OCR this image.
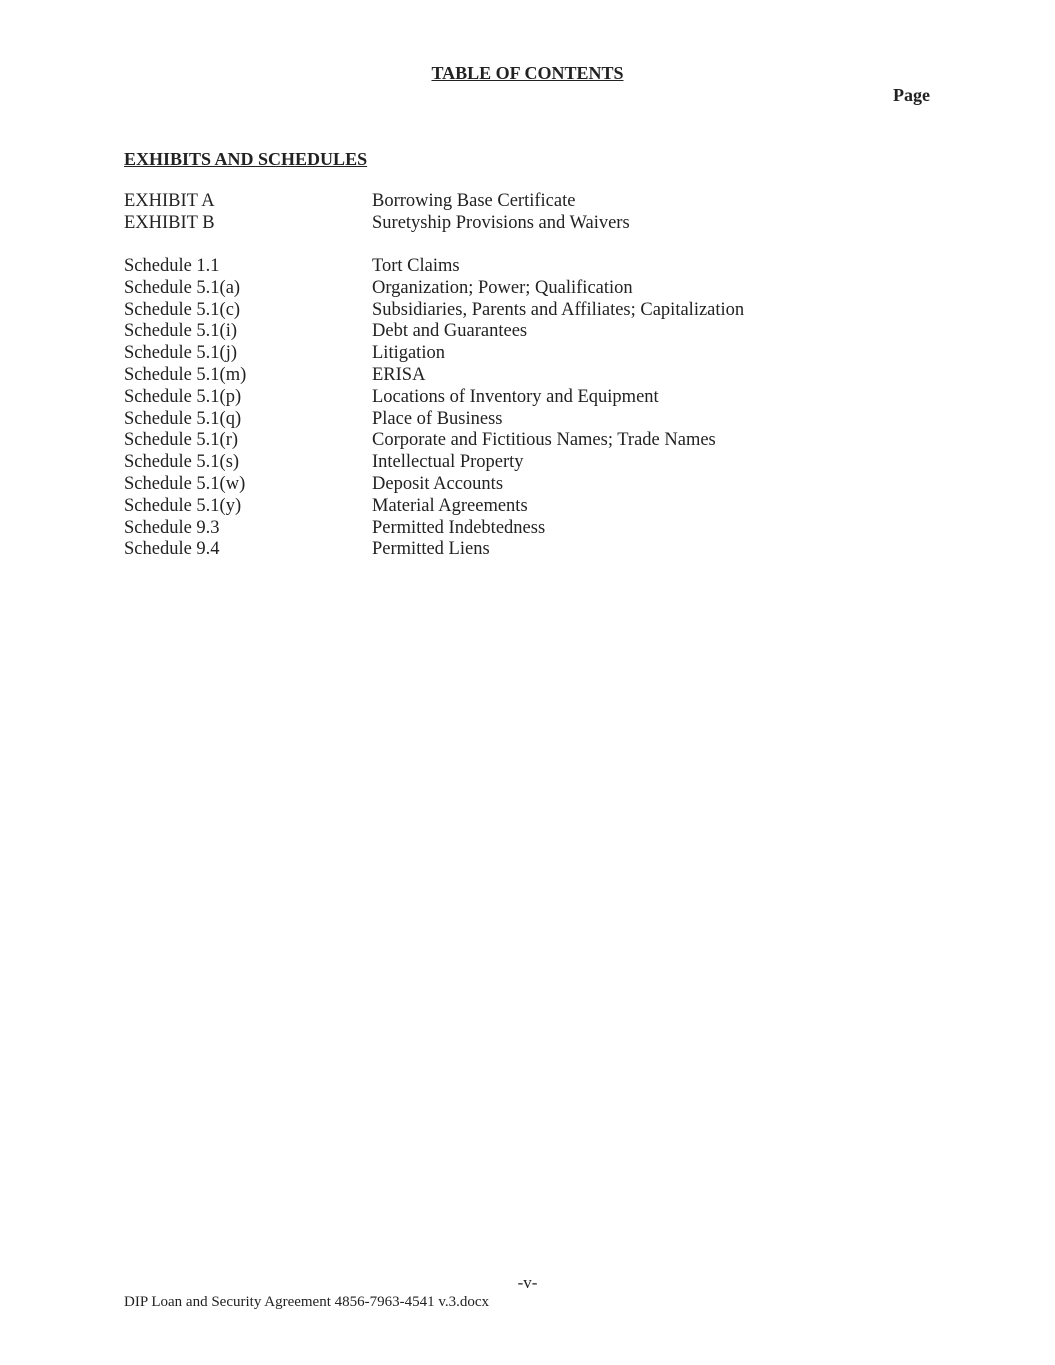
TABLE OF CONTENTS
Page
EXHIBITS AND SCHEDULES
EXHIBIT A	Borrowing Base Certificate
EXHIBIT B	Suretyship Provisions and Waivers
Schedule 1.1	Tort Claims
Schedule 5.1(a)	Organization; Power; Qualification
Schedule 5.1(c)	Subsidiaries, Parents and Affiliates; Capitalization
Schedule 5.1(i)	Debt and Guarantees
Schedule 5.1(j)	Litigation
Schedule 5.1(m)	ERISA
Schedule 5.1(p)	Locations of Inventory and Equipment
Schedule 5.1(q)	Place of Business
Schedule 5.1(r)	Corporate and Fictitious Names; Trade Names
Schedule 5.1(s)	Intellectual Property
Schedule 5.1(w)	Deposit Accounts
Schedule 5.1(y)	Material Agreements
Schedule 9.3	Permitted Indebtedness
Schedule 9.4	Permitted Liens
-v-
DIP Loan and Security Agreement 4856-7963-4541 v.3.docx
